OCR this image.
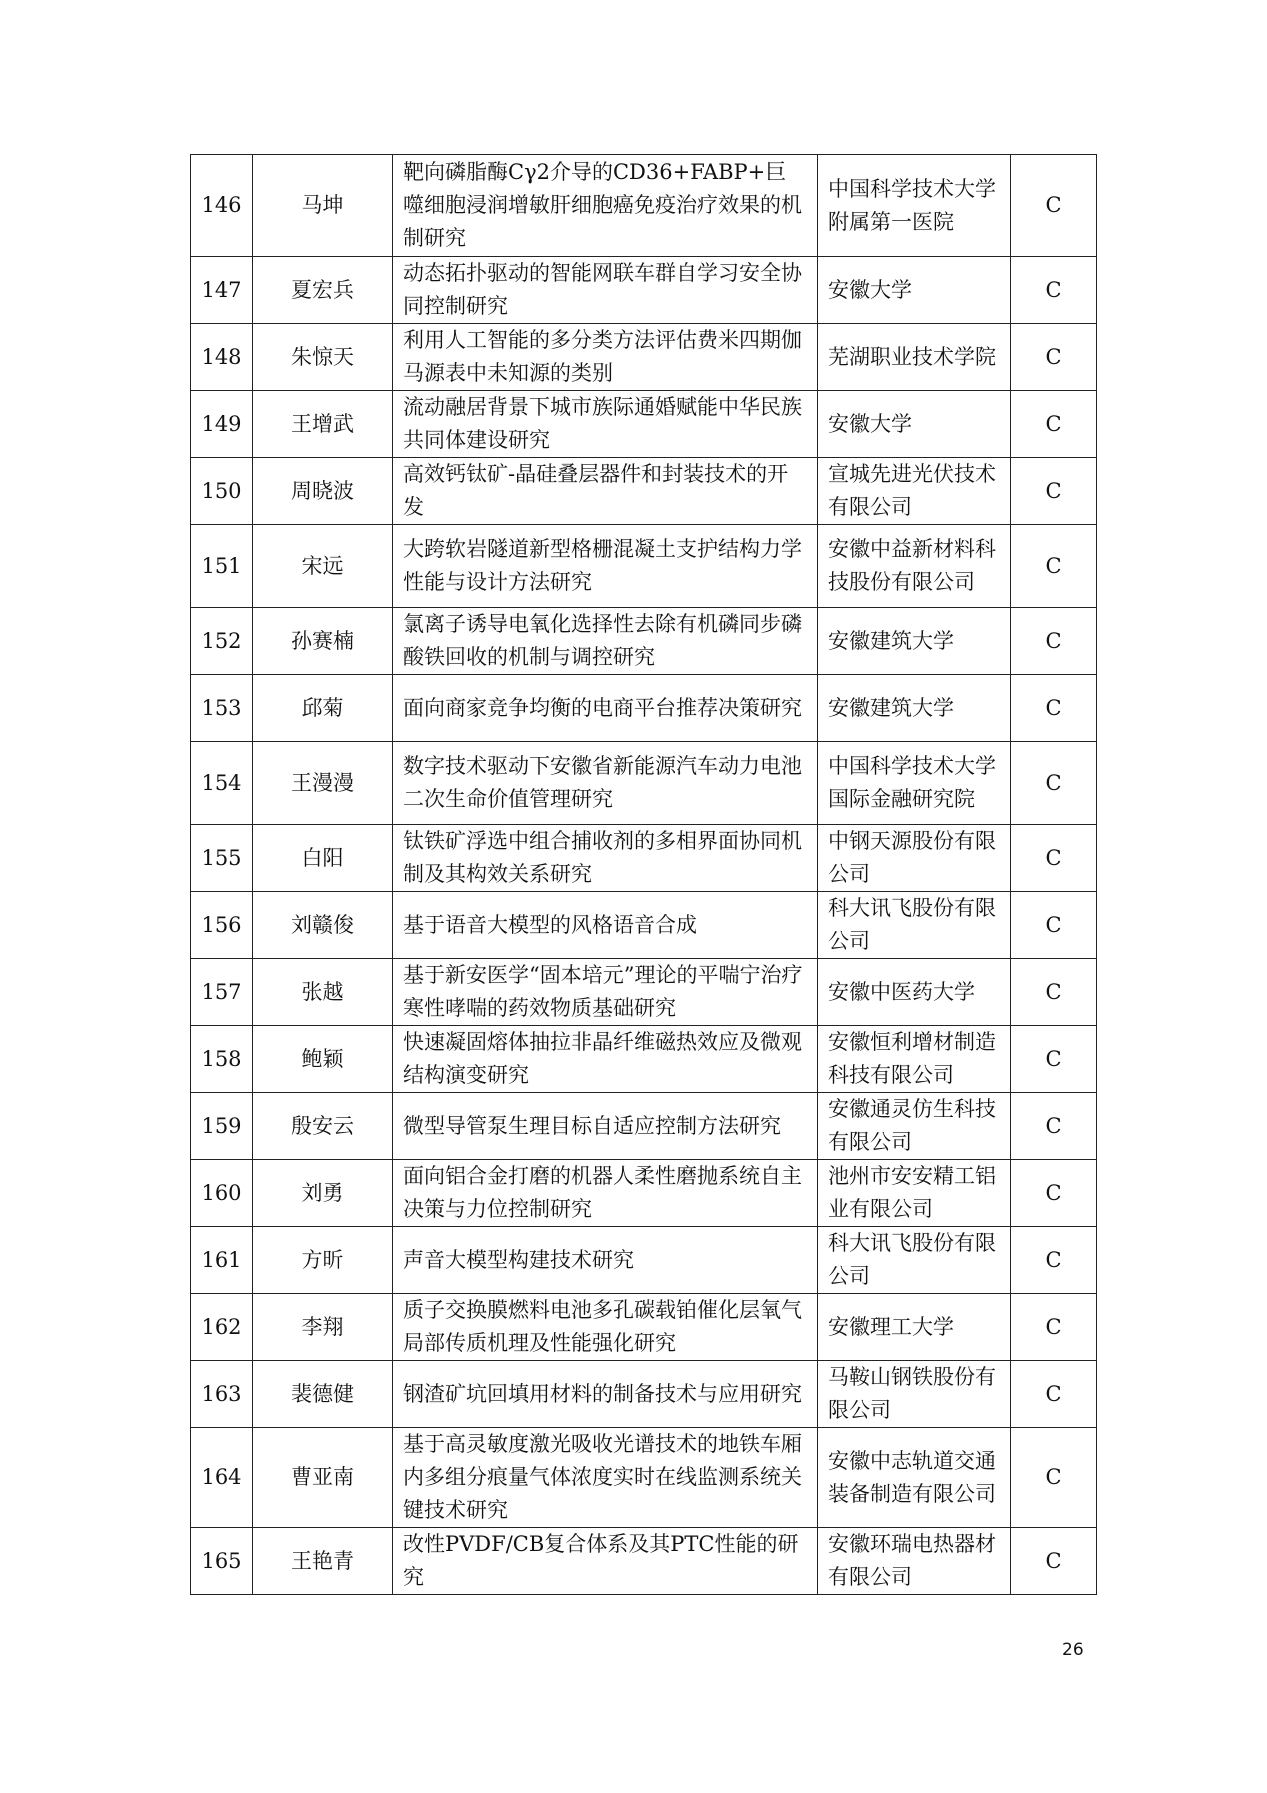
146	马坤	靶向磷脂酶Cγ2介导的CD36+FABP+巨噬细胞浸润增敏肝细胞癌免疫治疗效果的机制研究	中国科学技术大学附属第一医院	C
147	夏宏兵	动态拓扑驱动的智能网联车群自学习安全协同控制研究	安徽大学	C
148	朱惊天	利用人工智能的多分类方法评估费米四期伽马源表中未知源的类别	芜湖职业技术学院	C
149	王增武	流动融居背景下城市族际通婚赋能中华民族共同体建设研究	安徽大学	C
150	周晓波	高效钙钛矿-晶硅叠层器件和封装技术的开发	宣城先进光伏技术有限公司	C
151	宋远	大跨软岩隧道新型格栅混凝土支护结构力学性能与设计方法研究	安徽中益新材料科技股份有限公司	C
152	孙赛楠	氯离子诱导电氧化选择性去除有机磷同步磷酸铁回收的机制与调控研究	安徽建筑大学	C
153	邱菊	面向商家竞争均衡的电商平台推荐决策研究	安徽建筑大学	C
154	王漫漫	数字技术驱动下安徽省新能源汽车动力电池二次生命价值管理研究	中国科学技术大学国际金融研究院	C
155	白阳	钛铁矿浮选中组合捕收剂的多相界面协同机制及其构效关系研究	中钢天源股份有限公司	C
156	刘赣俊	基于语音大模型的风格语音合成	科大讯飞股份有限公司	C
157	张越	基于新安医学“固本培元”理论的平喘宁治疗寒性哮喘的药效物质基础研究	安徽中医药大学	C
158	鲍颖	快速凝固熔体抽拉非晶纤维磁热效应及微观结构演变研究	安徽恒利增材制造科技有限公司	C
159	殷安云	微型导管泵生理目标自适应控制方法研究	安徽通灵仿生科技有限公司	C
160	刘勇	面向铝合金打磨的机器人柔性磨抛系统自主决策与力位控制研究	池州市安安精工铝业有限公司	C
161	方昕	声音大模型构建技术研究	科大讯飞股份有限公司	C
162	李翔	质子交换膜燃料电池多孔碳载铂催化层氧气局部传质机理及性能强化研究	安徽理工大学	C
163	裴德健	钢渣矿坑回填用材料的制备技术与应用研究	马鞍山钢铁股份有限公司	C
164	曹亚南	基于高灵敏度激光吸收光谱技术的地铁车厢内多组分痕量气体浓度实时在线监测系统关键技术研究	安徽中志轨道交通装备制造有限公司	C
165	王艳青	改性PVDF/CB复合体系及其PTC性能的研究	安徽环瑞电热器材有限公司	C
26
